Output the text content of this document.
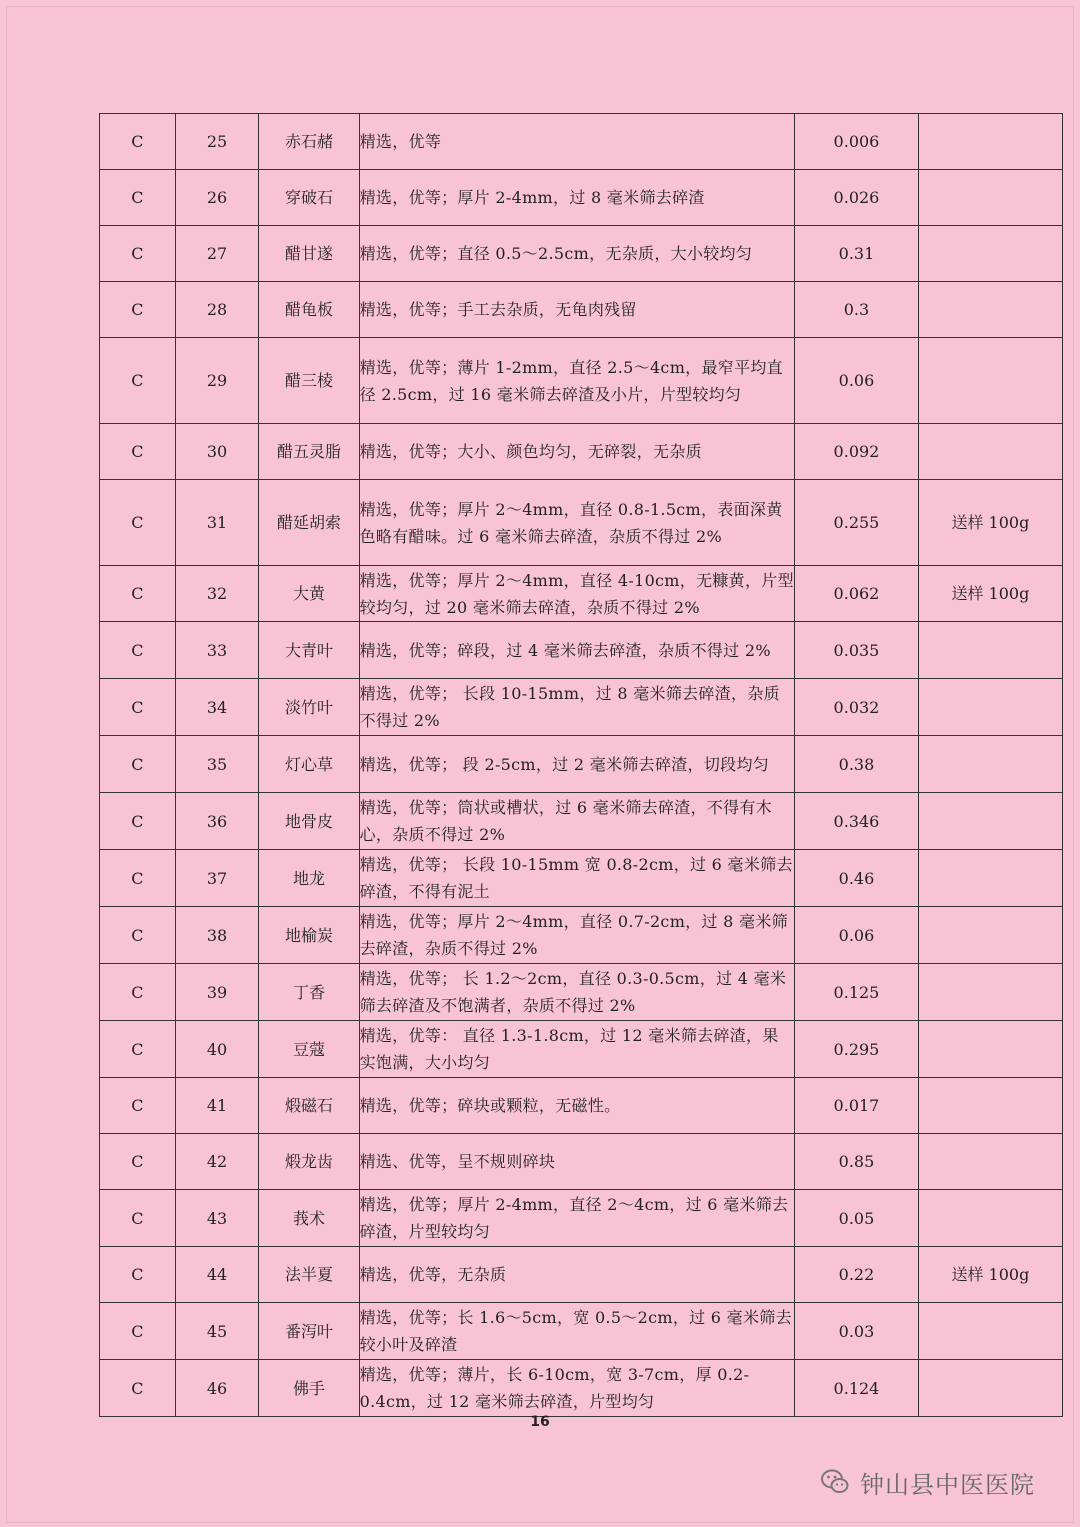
C	25	赤石赭	精选，优等	0.006	
C	26	穿破石	精选，优等；厚片 2-4mm，过 8 毫米筛去碎渣	0.026	
C	27	醋甘遂	精选，优等；直径 0.5～2.5cm，无杂质，大小较均匀	0.31	
C	28	醋龟板	精选，优等；手工去杂质，无龟肉残留	0.3	
C	29	醋三棱	精选，优等；薄片 1-2mm，直径 2.5～4cm，最窄平均直径 2.5cm，过 16 毫米筛去碎渣及小片，片型较均匀	0.06	
C	30	醋五灵脂	精选，优等；大小、颜色均匀，无碎裂，无杂质	0.092	
C	31	醋延胡索	精选，优等；厚片 2～4mm，直径 0.8-1.5cm，表面深黄色略有醋味。过 6 毫米筛去碎渣，杂质不得过 2%	0.255	送样 100g
C	32	大黄	精选，优等；厚片 2～4mm，直径 4-10cm，无糠黄，片型较均匀，过 20 毫米筛去碎渣，杂质不得过 2%	0.062	送样 100g
C	33	大青叶	精选，优等；碎段，过 4 毫米筛去碎渣，杂质不得过 2%	0.035	
C	34	淡竹叶	精选，优等； 长段 10-15mm，过 8 毫米筛去碎渣，杂质不得过 2%	0.032	
C	35	灯心草	精选，优等； 段 2-5cm，过 2 毫米筛去碎渣，切段均匀	0.38	
C	36	地骨皮	精选，优等；筒状或槽状，过 6 毫米筛去碎渣，不得有木心，杂质不得过 2%	0.346	
C	37	地龙	精选，优等； 长段 10-15mm 宽 0.8-2cm，过 6 毫米筛去碎渣，不得有泥土	0.46	
C	38	地榆炭	精选，优等；厚片 2～4mm，直径 0.7-2cm，过 8 毫米筛去碎渣，杂质不得过 2%	0.06	
C	39	丁香	精选，优等； 长 1.2～2cm，直径 0.3-0.5cm，过 4 毫米筛去碎渣及不饱满者，杂质不得过 2%	0.125	
C	40	豆蔻	精选，优等： 直径 1.3-1.8cm，过 12 毫米筛去碎渣，果实饱满，大小均匀	0.295	
C	41	煅磁石	精选，优等；碎块或颗粒，无磁性。	0.017	
C	42	煅龙齿	精选、优等，呈不规则碎块	0.85	
C	43	莪术	精选，优等；厚片 2-4mm，直径 2～4cm，过 6 毫米筛去碎渣，片型较均匀	0.05	
C	44	法半夏	精选，优等，无杂质	0.22	送样 100g
C	45	番泻叶	精选，优等；长 1.6～5cm，宽 0.5～2cm，过 6 毫米筛去较小叶及碎渣	0.03	
C	46	佛手	精选，优等；薄片，长 6-10cm，宽 3-7cm，厚 0.2-0.4cm，过 12 毫米筛去碎渣，片型均匀	0.124	
16
钟山县中医医院
